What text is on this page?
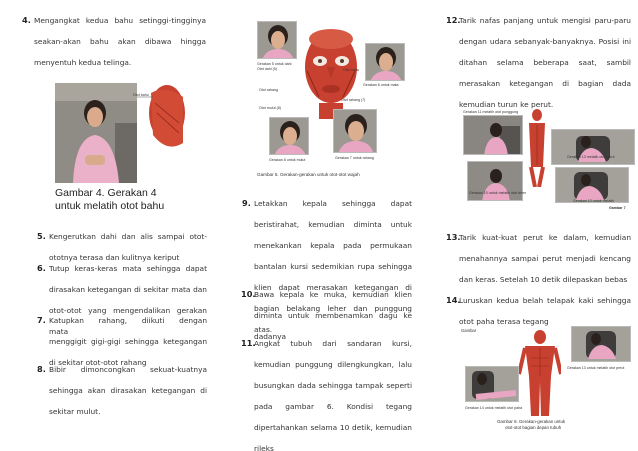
4. Mengangkat kedua bahu setinggi-tingginya seakan-akan bahu akan dibawa hingga menyentuh kedua telinga.
Otot bahu
Gambar 4. Gerakan 4
untuk melatih otot bahu
5. Kengerutkan dahi dan alis sampai otot-ototnya terasa dan kulitnya keriput
6. Tutup keras-keras mata sehingga dapat dirasakan ketegangan di sekitar mata dan otot-otot yang mengendalikan gerakan mata
7. Katupkan rahang, diikuti dengan menggigit gigi-gigi sehingga ketegangan di sekitar otot-otot rahang
8. Bibir dimoncongkan sekuat-kuatnya sehingga akan dirasakan ketegangan di sekitar mulut.
Gerakan 5 untuk dahi
Otot dahi (5)	Otot mata
Gerakan 6 untuk mata
Otot rahang
Otot rahang (7)
Otot mulut (8)
Gerakan 8 untuk mulut	Gerakan 7 untuk rahang
Gambar 5. Gerakan-gerakan untuk otot-otot wajah
9. Letakkan kepala sehingga dapat beristirahat, kemudian diminta untuk menekankan kepala pada permukaan bantalan kursi sedemikian rupa sehingga klien dapat merasakan ketegangan di bagian belakang leher dan punggung atas.
10.
Bawa kepala ke muka, kemudian klien diminta untuk membenamkan dagu ke dadanya
11.
Angkat tubuh dari sandaran kursi, kemudian punggung dilengkungkan, lalu busungkan dada sehingga tampak seperti pada gambar 6. Kondisi tegang dipertahankan selama 10 detik, kemudian rileks
12.
Tarik nafas panjang untuk mengisi paru-paru dengan udara sebanyak-banyaknya. Posisi ini ditahan selama beberapa saat, sambil merasakan ketegangan di bagian dada kemudian turun ke perut.
Gerakan 11 melatih otot punggung
Gerakan 13 melatih otot perut
Gerakan 10 untuk melatih otot leher
Gerakan 12 untuk melatih
Gambar 7
13.
Tarik kuat-kuat perut ke dalam, kemudian menahannya sampai perut menjadi kencang dan keras. Setelah 10 detik dilepaskan bebas
14.
Luruskan kedua belah telapak kaki sehingga otot paha terasa tegang
Gambar
Gerakan 13 untuk melatih otot perut
Gerakan 14 untuk melatih otot paha
Gambar 8. Gerakan-gerakan untuk
otot-otot bagian depan tubuh
